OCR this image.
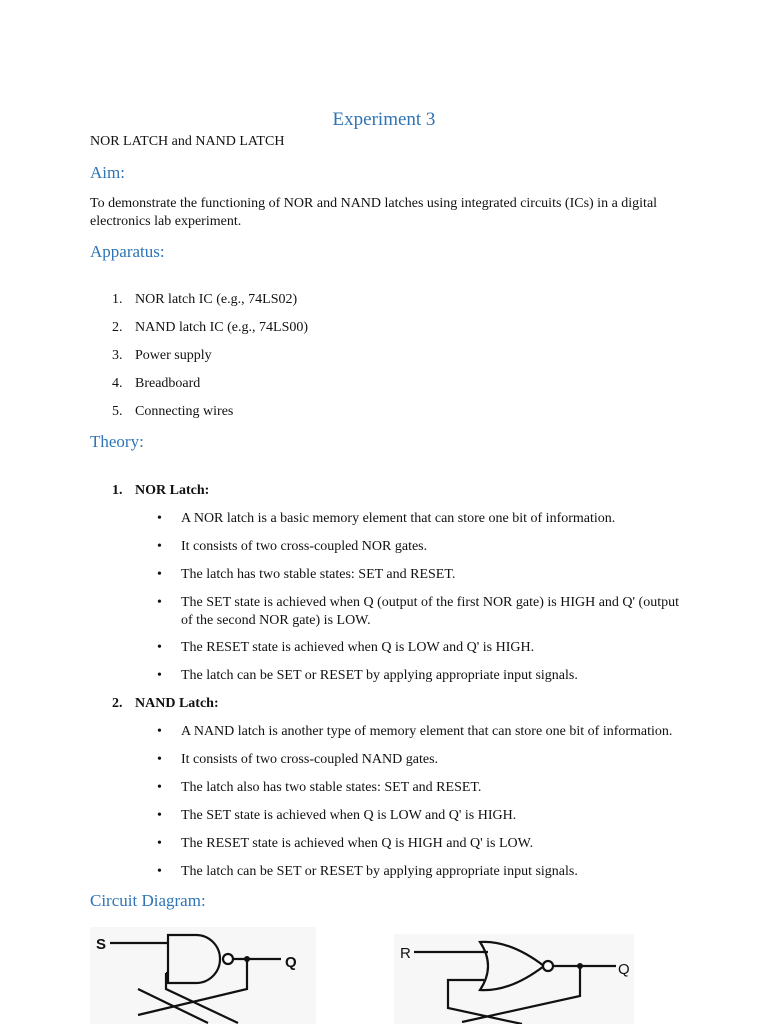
Experiment 3

NOR LATCH and NAND LATCH

Aim:

To demonstrate the functioning of NOR and NAND latches using integrated circuits (ICs) in a digital electronics lab experiment.

Apparatus:
1. NOR latch IC (e.g., 74LS02)
2. NAND latch IC (e.g., 74LS00)
3. Power supply
4. Breadboard
5. Connecting wires
Theory:
1. NOR Latch:
•	A NOR latch is a basic memory element that can store one bit of information.
•	It consists of two cross-coupled NOR gates.
•	The latch has two stable states: SET and RESET.
•	The SET state is achieved when Q (output of the first NOR gate) is HIGH and Q' (output of the second NOR gate) is LOW.
•	The RESET state is achieved when Q is LOW and Q' is HIGH.
•	The latch can be SET or RESET by applying appropriate input signals.
2. NAND Latch:
•	A NAND latch is another type of memory element that can store one bit of information.
•	It consists of two cross-coupled NAND gates.
•	The latch also has two stable states: SET and RESET.
•	The SET state is achieved when Q is LOW and Q' is HIGH.
•	The RESET state is achieved when Q is HIGH and Q' is LOW.
•	The latch can be SET or RESET by applying appropriate input signals.
Circuit Diagram:
S
Q
R
Q
